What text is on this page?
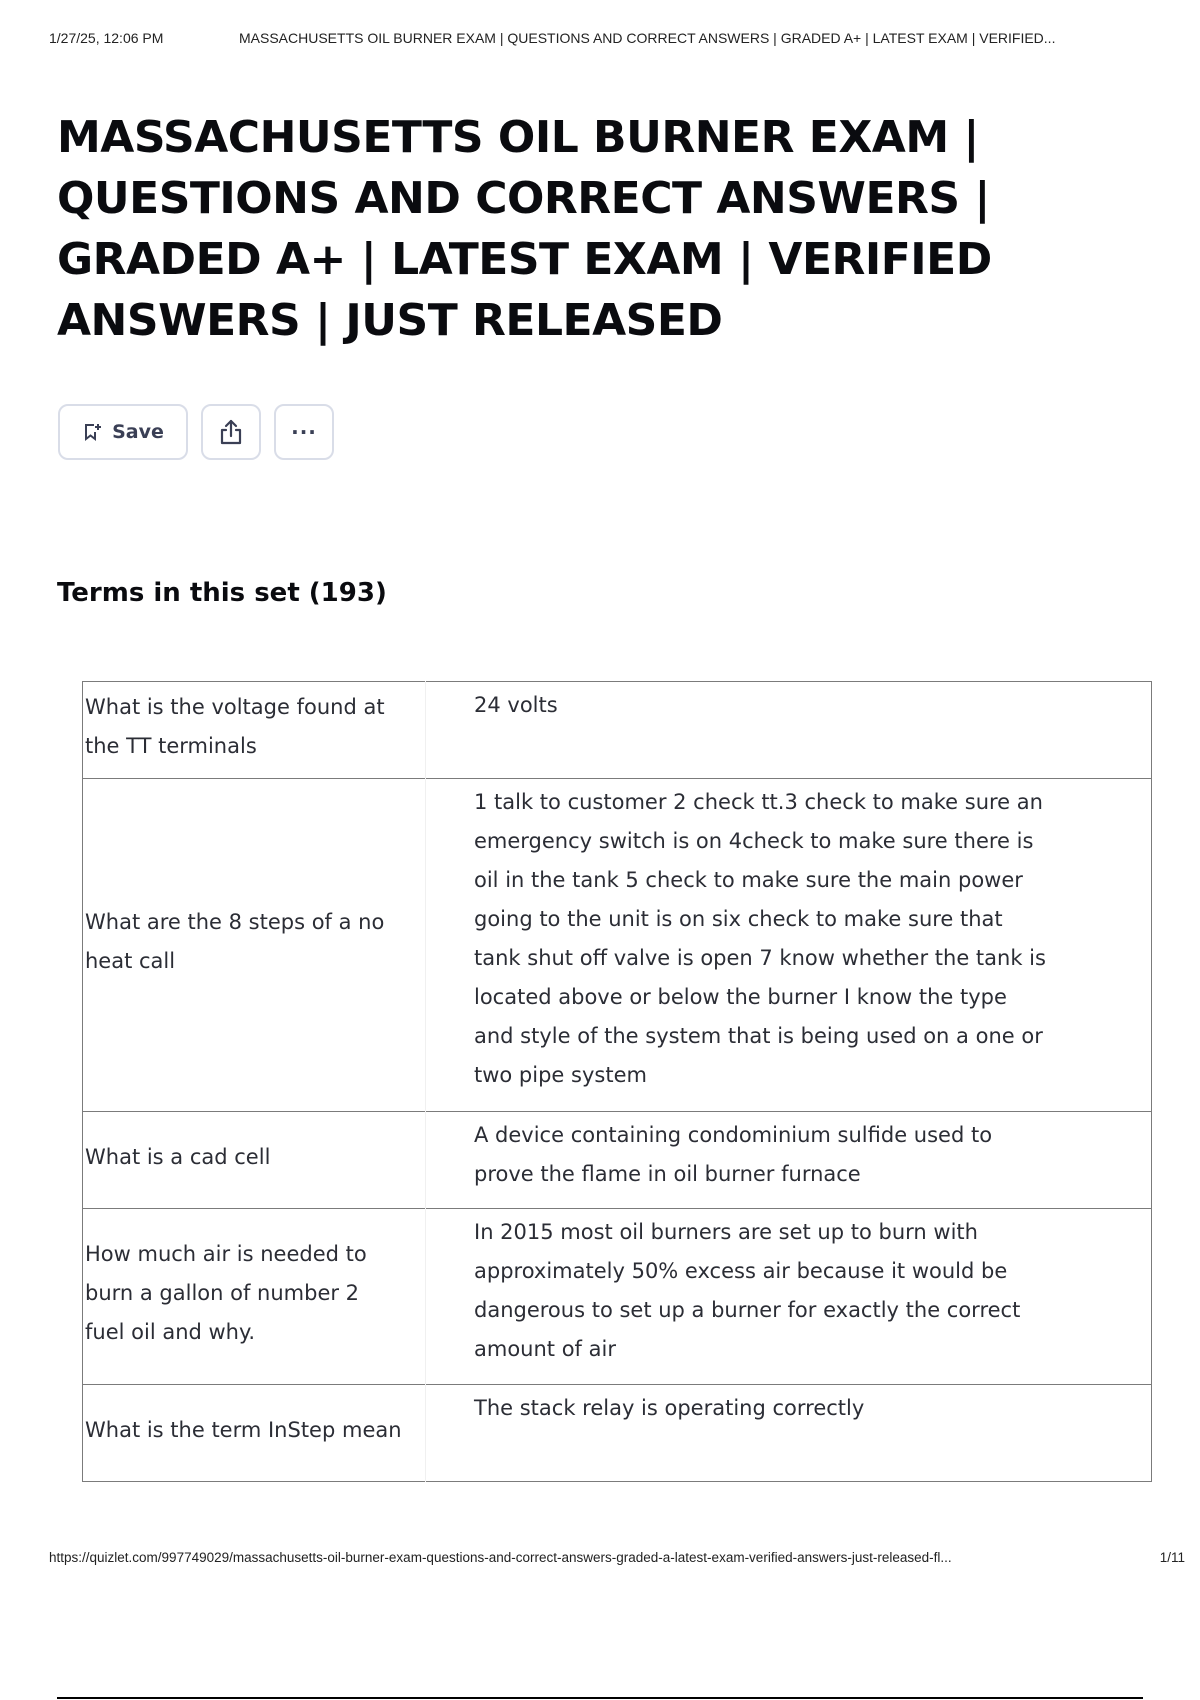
1/27/25, 12:06 PM	MASSACHUSETTS OIL BURNER EXAM | QUESTIONS AND CORRECT ANSWERS | GRADED A+ | LATEST EXAM | VERIFIED...
MASSACHUSETTS OIL BURNER EXAM | QUESTIONS AND CORRECT ANSWERS | GRADED A+ | LATEST EXAM | VERIFIED ANSWERS | JUST RELEASED
Save	···
Terms in this set (193)
What is the voltage found at the TT terminals	24 volts
What are the 8 steps of a no heat call	1 talk to customer 2 check tt.3 check to make sure an emergency switch is on 4check to make sure there is oil in the tank 5 check to make sure the main power going to the unit is on six check to make sure that tank shut off valve is open 7 know whether the tank is located above or below the burner I know the type and style of the system that is being used on a one or two pipe system
What is a cad cell	A device containing condominium sulfide used to prove the flame in oil burner furnace
How much air is needed to burn a gallon of number 2 fuel oil and why.	In 2015 most oil burners are set up to burn with approximately 50% excess air because it would be dangerous to set up a burner for exactly the correct amount of air
What is the term InStep mean	The stack relay is operating correctly
https://quizlet.com/997749029/massachusetts-oil-burner-exam-questions-and-correct-answers-graded-a-latest-exam-verified-answers-just-released-fl...	1/11
